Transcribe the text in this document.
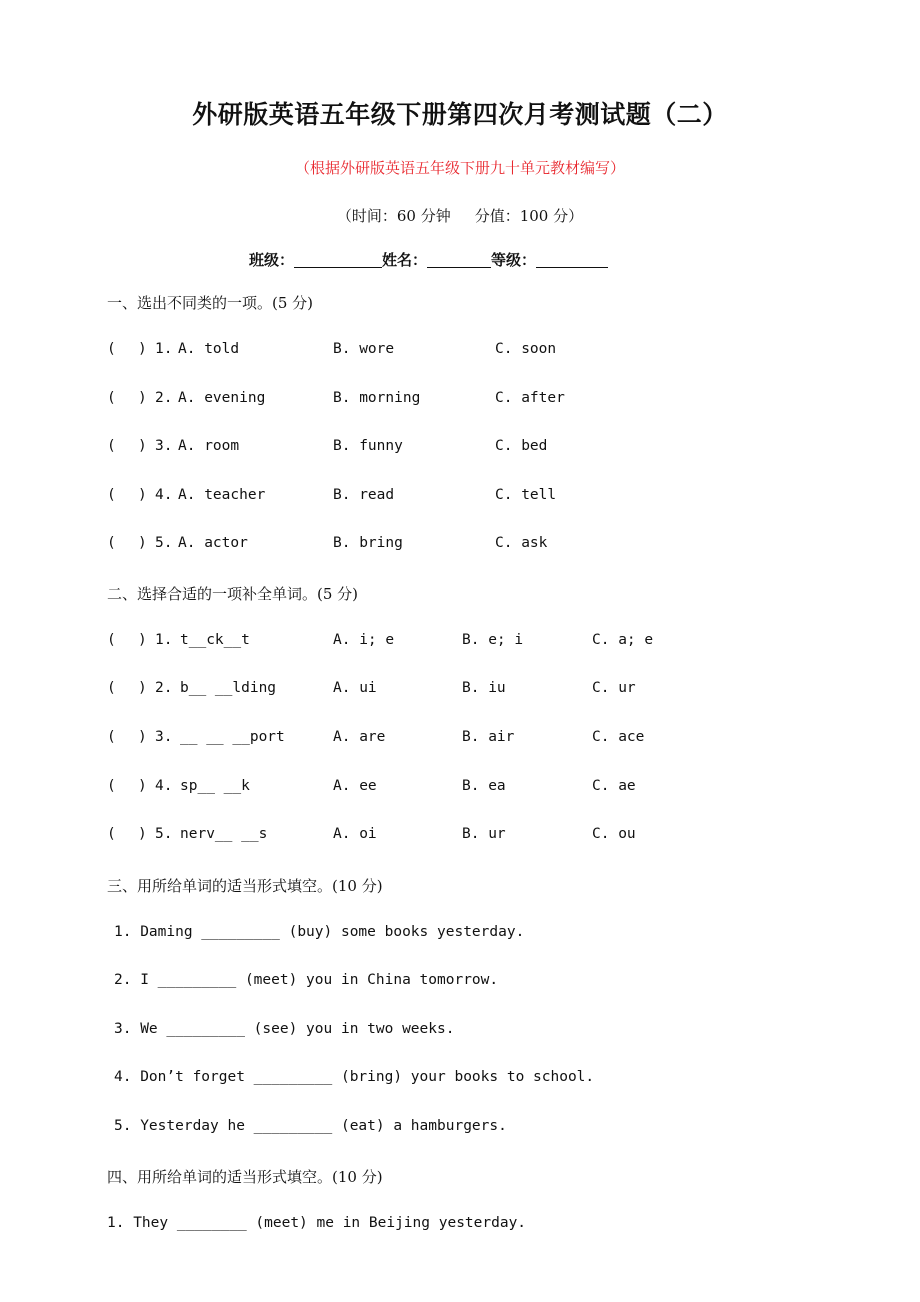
外研版英语五年级下册第四次月考测试题（二）
（根据外研版英语五年级下册九十单元教材编写）
（时间：60 分钟 分值：100 分）
班级：	姓名：	等级：
一、选出不同类的一项。(5 分)
( ) 1. A. told	B. wore	C. soon
( ) 2. A. evening	B. morning	C. after
( ) 3. A. room	B. funny	C. bed
( ) 4. A. teacher	B. read	C. tell
( ) 5. A. actor	B. bring	C. ask
二、选择合适的一项补全单词。(5 分)
( ) 1. t__ck__t	A. i; e	B. e; i	C. a; e
( ) 2. b__ __lding	A. ui	B. iu	C. ur
( ) 3. __ __ __port	A. are	B. air	C. ace
( ) 4. sp__ __k	A. ee	B. ea	C. ae
( ) 5. nerv__ __s	A. oi	B. ur	C. ou
三、用所给单词的适当形式填空。(10 分)
1. Daming _________ (buy) some books yesterday.
2. I _________ (meet) you in China tomorrow.
3. We _________ (see) you in two weeks.
4. Don’t forget _________ (bring) your books to school.
5. Yesterday he _________ (eat) a hamburgers.
四、用所给单词的适当形式填空。(10 分)
1. They ________ (meet) me in Beijing yesterday.
